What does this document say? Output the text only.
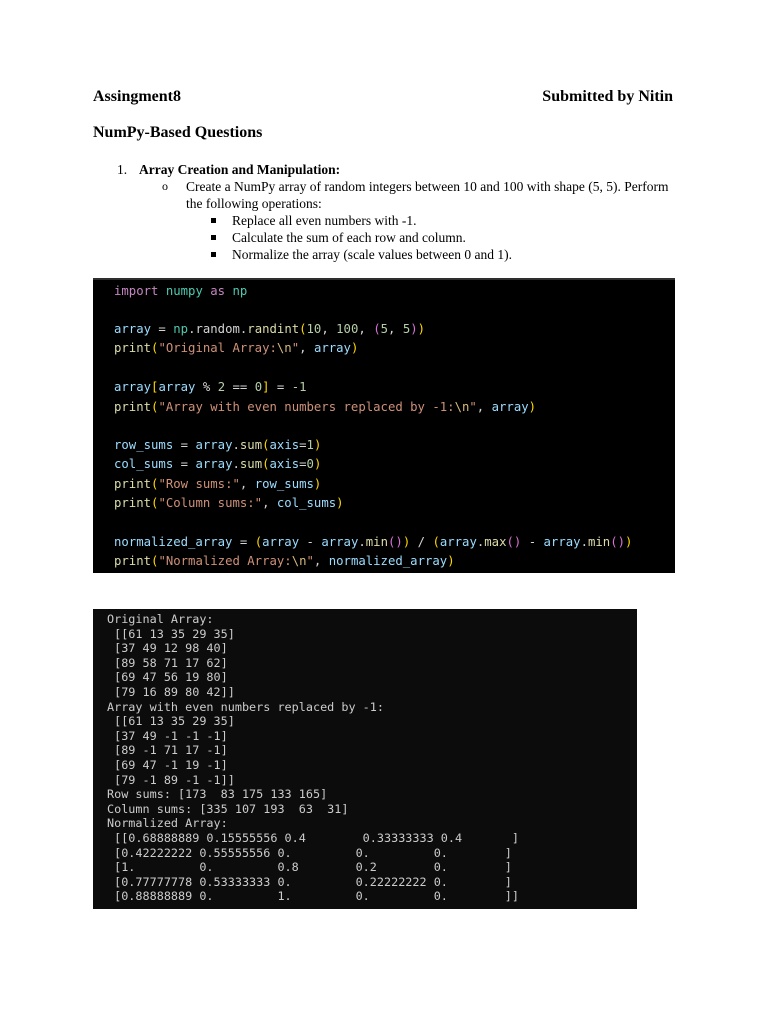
Assingment8	Submitted by Nitin
NumPy-Based Questions
1. Array Creation and Manipulation:
o Create a NumPy array of random integers between 10 and 100 with shape (5, 5). Perform the following operations:
Replace all even numbers with -1.
Calculate the sum of each row and column.
Normalize the array (scale values between 0 and 1).
import numpy as np
array = np.random.randint(10, 100, (5, 5))
print("Original Array:\n", array)
array[array % 2 == 0] = -1
print("Array with even numbers replaced by -1:\n", array)
row_sums = array.sum(axis=1)
col_sums = array.sum(axis=0)
print("Row sums:", row_sums)
print("Column sums:", col_sums)
normalized_array = (array - array.min()) / (array.max() - array.min())
print("Normalized Array:\n", normalized_array)
Original Array:
[[61 13 35 29 35]
[37 49 12 98 40]
[89 58 71 17 62]
[69 47 56 19 80]
[79 16 89 80 42]]
Array with even numbers replaced by -1:
[[61 13 35 29 35]
[37 49 -1 -1 -1]
[89 -1 71 17 -1]
[69 47 -1 19 -1]
[79 -1 89 -1 -1]]
Row sums: [173  83 175 133 165]
Column sums: [335 107 193  63  31]
Normalized Array:
[[0.68888889 0.15555556 0.4        0.33333333 0.4       ]
[0.42222222 0.55555556 0.         0.         0.        ]
[1.         0.         0.8        0.2        0.        ]
[0.77777778 0.53333333 0.         0.22222222 0.        ]
[0.88888889 0.         1.         0.         0.        ]]
